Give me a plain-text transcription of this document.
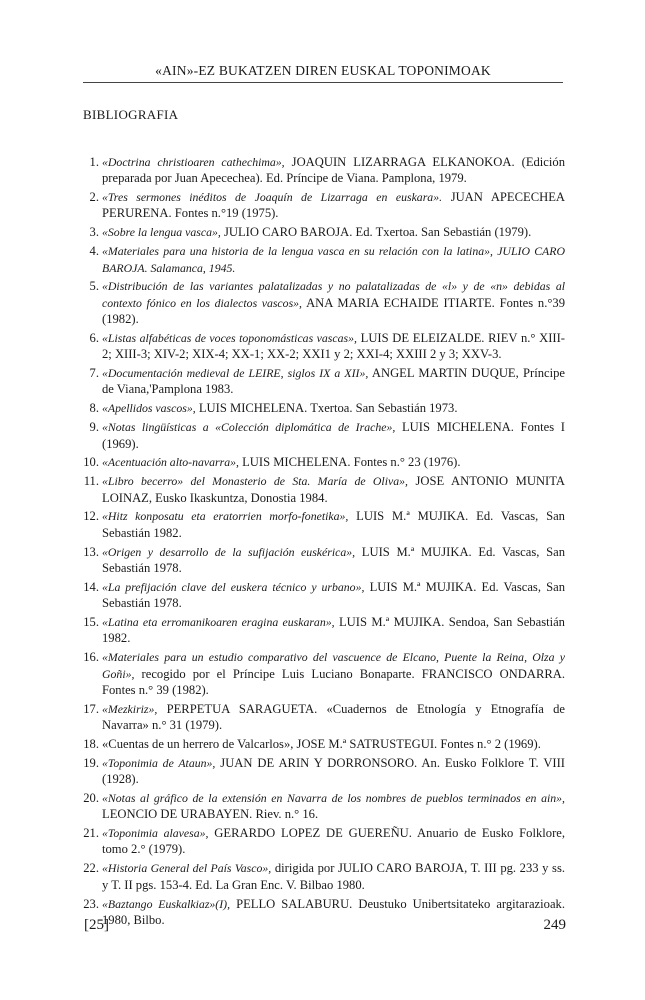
«AIN»-EZ BUKATZEN DIREN EUSKAL TOPONIMOAK
BIBLIOGRAFIA
1. «Doctrina christioaren cathechima», JOAQUIN LIZARRAGA ELKANOKOA. (Edición preparada por Juan Apecechea). Ed. Príncipe de Viana. Pamplona, 1979.
2. «Tres sermones inéditos de Joaquín de Lizarraga en euskara». JUAN APECECHEA PERURENA. Fontes n.°19 (1975).
3. «Sobre la lengua vasca», JULIO CARO BAROJA. Ed. Txertoa. San Sebastián (1979).
4. «Materiales para una historia de la lengua vasca en su relación con la latina», JULIO CARO BAROJA. Salamanca, 1945.
5. «Distribución de las variantes palatalizadas y no palatalizadas de «l» y de «n» debidas al contexto fónico en los dialectos vascos», ANA MARIA ECHAIDE ITIARTE. Fontes n.°39 (1982).
6. «Listas alfabéticas de voces toponomásticas vascas», LUIS DE ELEIZALDE. RIEV n.° XIII-2; XIII-3; XIV-2; XIX-4; XX-1; XX-2; XXI1 y 2; XXI-4; XXIII 2 y 3; XXV-3.
7. «Documentación medieval de LEIRE, siglos IX a XII», ANGEL MARTIN DUQUE, Príncipe de Viana,'Pamplona 1983.
8. «Apellidos vascos», LUIS MICHELENA. Txertoa. San Sebastián 1973.
9. «Notas lingüísticas a «Colección diplomática de Irache», LUIS MICHELENA. Fontes I (1969).
10. «Acentuación alto-navarra», LUIS MICHELENA. Fontes n.° 23 (1976).
11. «Libro becerro» del Monasterio de Sta. María de Oliva», JOSE ANTONIO MUNITA LOINAZ, Eusko Ikaskuntza, Donostia 1984.
12. «Hitz konposatu eta eratorrien morfo-fonetika», LUIS M.ª MUJIKA. Ed. Vascas, San Sebastián 1982.
13. «Origen y desarrollo de la sufijación euskérica», LUIS M.ª MUJIKA. Ed. Vascas, San Sebastián 1978.
14. «La prefijación clave del euskera técnico y urbano», LUIS M.ª MUJIKA. Ed. Vascas, San Sebastián 1978.
15. «Latina eta erromanikoaren eragina euskaran», LUIS M.ª MUJIKA. Sendoa, San Sebastián 1982.
16. «Materiales para un estudio comparativo del vascuence de Elcano, Puente la Reina, Olza y Goñi», recogido por el Príncipe Luis Luciano Bonaparte. FRANCISCO ONDARRA. Fontes n.° 39 (1982).
17. «Mezkiriz», PERPETUA SARAGUETA. «Cuadernos de Etnología y Etnografía de Navarra» n.° 31 (1979).
18. «Cuentas de un herrero de Valcarlos», JOSE M.ª SATRUSTEGUI. Fontes n.° 2 (1969).
19. «Toponimia de Ataun», JUAN DE ARIN Y DORRONSORO. An. Eusko Folklore T. VIII (1928).
20. «Notas al gráfico de la extensión en Navarra de los nombres de pueblos terminados en ain», LEONCIO DE URABAYEN. Riev. n.° 16.
21. «Toponimia alavesa», GERARDO LOPEZ DE GUEREÑU. Anuario de Eusko Folklore, tomo 2.° (1979).
22. «Historia General del País Vasco», dirigida por JULIO CARO BAROJA, T. III pg. 233 y ss. y T. II pgs. 153-4. Ed. La Gran Enc. V. Bilbao 1980.
23. «Baztango Euskalkiaz»(I), PELLO SALABURU. Deustuko Unibertsitateko argitarazioak. 1980, Bilbo.
[25]	249
